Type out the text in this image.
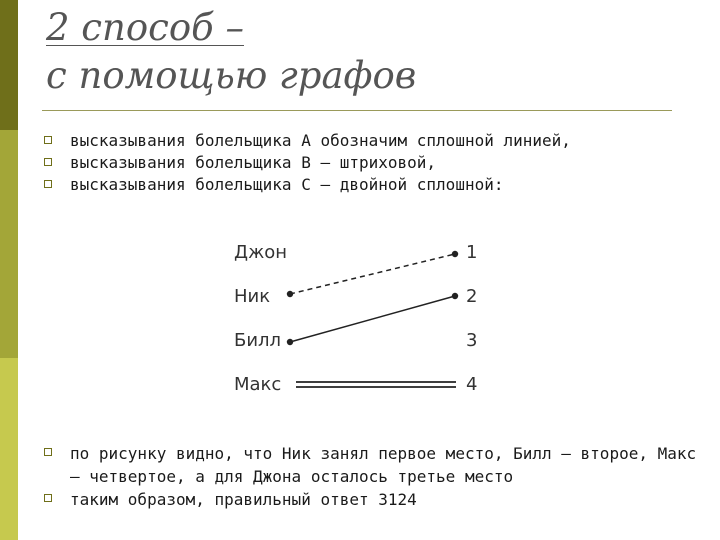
2 способ –
с помощью графов
высказывания болельщика А обозначим сплошной линией,
высказывания болельщика В – штриховой,
высказывания болельщика С – двойной сплошной:
Джон
Ник
Билл
Макс
1
2
3
4
по рисунку видно, что Ник занял первое место, Билл – второе, Макс – четвертое, а для Джона осталось третье место
таким образом, правильный ответ 3124
